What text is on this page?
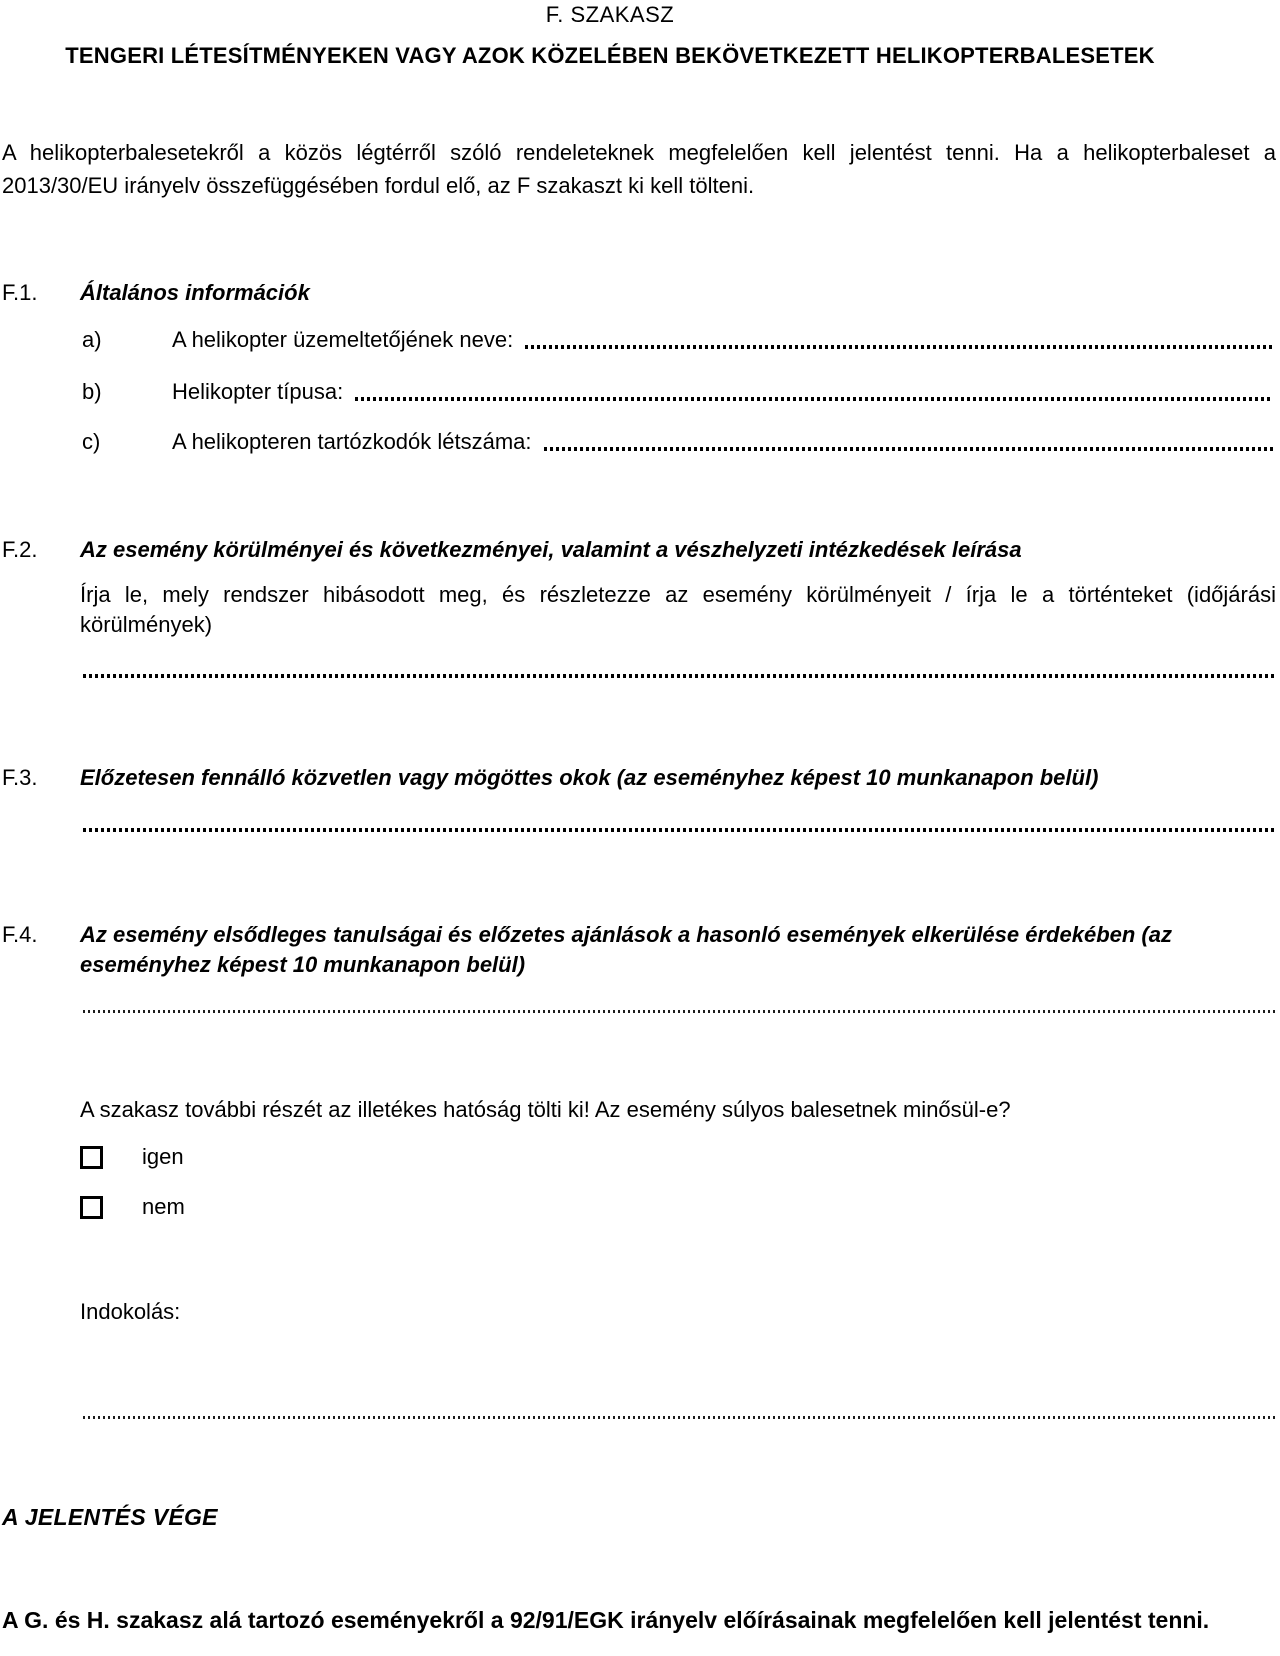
F. SZAKASZ
TENGERI LÉTESÍTMÉNYEKEN VAGY AZOK KÖZELÉBEN BEKÖVETKEZETT HELIKOPTERBALESETEK
A helikopterbalesetekről a közös légtérről szóló rendeleteknek megfelelően kell jelentést tenni. Ha a helikopterbaleset a 2013/30/EU irányelv összefüggésében fordul elő, az F szakaszt ki kell tölteni.
F.1.	Általános információk
a)	A helikopter üzemeltetőjének neve:
b)	Helikopter típusa:
c)	A helikopteren tartózkodók létszáma:
F.2.	Az esemény körülményei és következményei, valamint a vészhelyzeti intézkedések leírása
Írja le, mely rendszer hibásodott meg, és részletezze az esemény körülményeit / írja le a történteket (időjárási körülmények)
F.3.	Előzetesen fennálló közvetlen vagy mögöttes okok (az eseményhez képest 10 munkanapon belül)
F.4.	Az esemény elsődleges tanulságai és előzetes ajánlások a hasonló események elkerülése érdekében (az eseményhez képest 10 munkanapon belül)
A szakasz további részét az illetékes hatóság tölti ki! Az esemény súlyos balesetnek minősül-e?
igen
nem
Indokolás:
A JELENTÉS VÉGE
A G. és H. szakasz alá tartozó eseményekről a 92/91/EGK irányelv előírásainak megfelelően kell jelentést tenni.
